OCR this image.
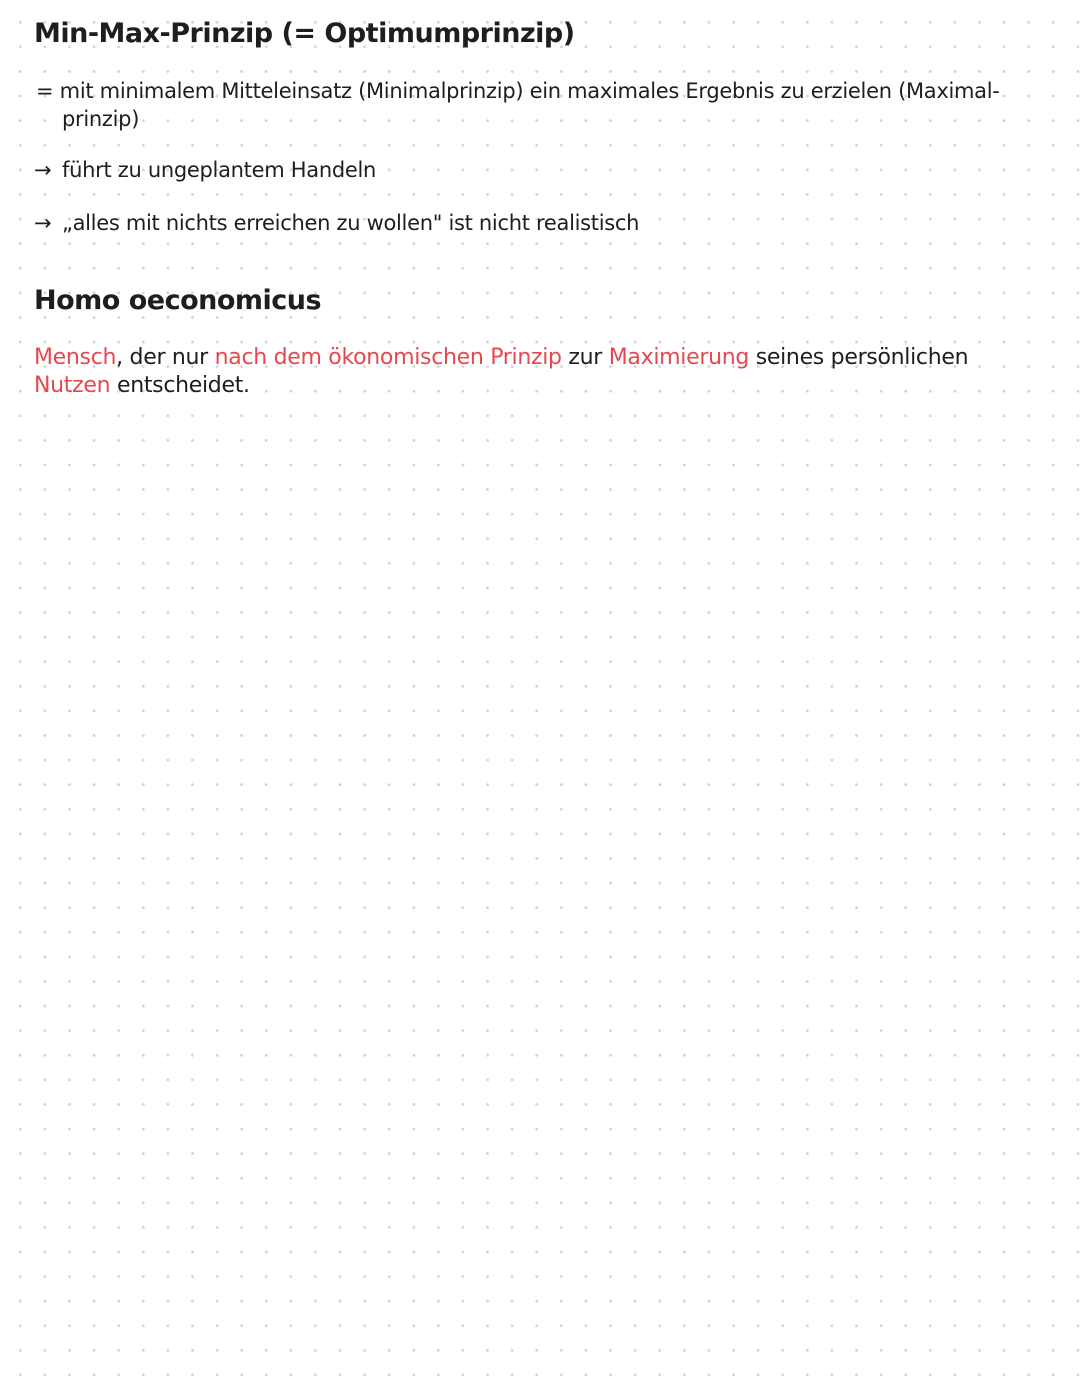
Min-Max-Prinzip (= Optimumprinzip)
= mit minimalem Mitteleinsatz (Minimalprinzip) ein maximales Ergebnis zu erzielen (Maximal-
prinzip)
→ führt zu ungeplantem Handeln
→ „alles mit nichts erreichen zu wollen" ist nicht realistisch
Homo oeconomicus
Mensch, der nur nach dem ökonomischen Prinzip zur Maximierung seines persönlichen
Nutzen entscheidet.
